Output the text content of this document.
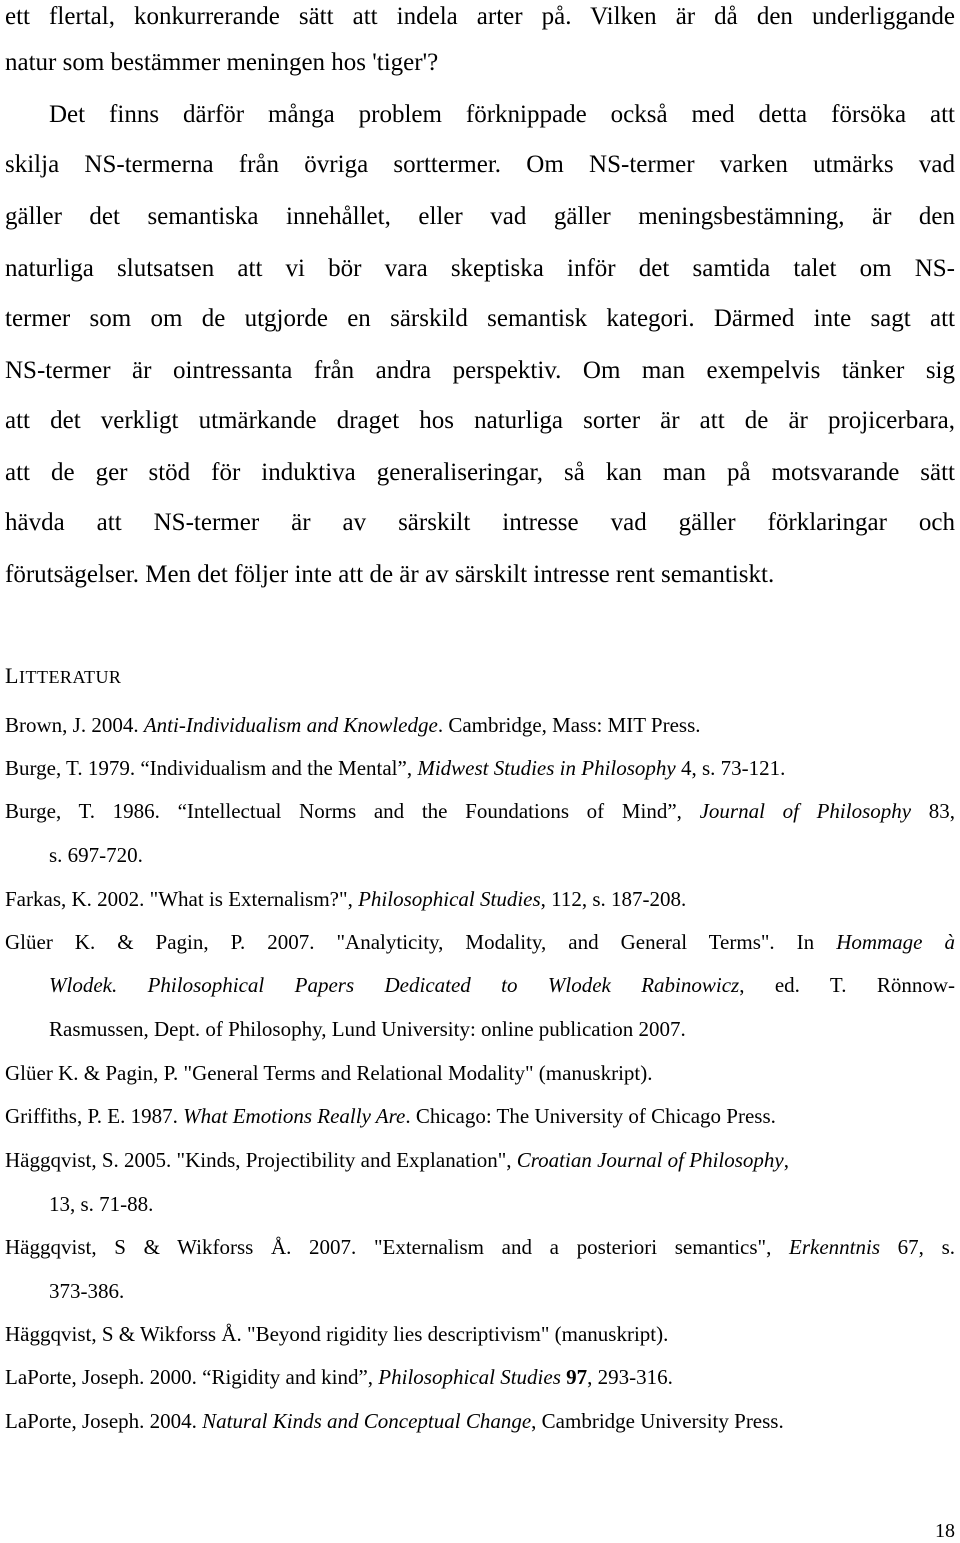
ett flertal, konkurrerande sätt att indela arter på. Vilken är då den underliggande
natur som bestämmer meningen hos 'tiger'?
Det finns därför många problem förknippade också med detta försöka att
skilja NS-termerna från övriga sorttermer. Om NS-termer varken utmärks vad
gäller det semantiska innehållet, eller vad gäller meningsbestämning, är den
naturliga slutsatsen att vi bör vara skeptiska inför det samtida talet om NS-
termer som om de utgjorde en särskild semantisk kategori. Därmed inte sagt att
NS-termer är ointressanta från andra perspektiv. Om man exempelvis tänker sig
att det verkligt utmärkande draget hos naturliga sorter är att de är projicerbara,
att de ger stöd för induktiva generaliseringar, så kan man på motsvarande sätt
hävda att NS-termer är av särskilt intresse vad gäller förklaringar och
förutsägelser. Men det följer inte att de är av särskilt intresse rent semantiskt.
LITTERATUR
Brown, J. 2004. Anti-Individualism and Knowledge. Cambridge, Mass: MIT Press.
Burge, T. 1979. “Individualism and the Mental”, Midwest Studies in Philosophy 4, s. 73-121.
Burge, T. 1986. “Intellectual Norms and the Foundations of Mind”, Journal of Philosophy 83,
s. 697-720.
Farkas, K. 2002. "What is Externalism?", Philosophical Studies, 112, s. 187-208.
Glüer K. & Pagin, P. 2007. "Analyticity, Modality, and General Terms". In Hommage à
Wlodek. Philosophical Papers Dedicated to Wlodek Rabinowicz, ed. T. Rönnow-
Rasmussen, Dept. of Philosophy, Lund University: online publication 2007.
Glüer K. & Pagin, P. "General Terms and Relational Modality" (manuskript).
Griffiths, P. E. 1987. What Emotions Really Are. Chicago: The University of Chicago Press.
Häggqvist, S. 2005. "Kinds, Projectibility and Explanation", Croatian Journal of Philosophy,
13, s. 71-88.
Häggqvist, S & Wikforss Å. 2007. "Externalism and a posteriori semantics", Erkenntnis 67, s.
373-386.
Häggqvist, S & Wikforss Å. "Beyond rigidity lies descriptivism" (manuskript).
LaPorte, Joseph. 2000. “Rigidity and kind”, Philosophical Studies 97, 293-316.
LaPorte, Joseph. 2004. Natural Kinds and Conceptual Change, Cambridge University Press.
18
